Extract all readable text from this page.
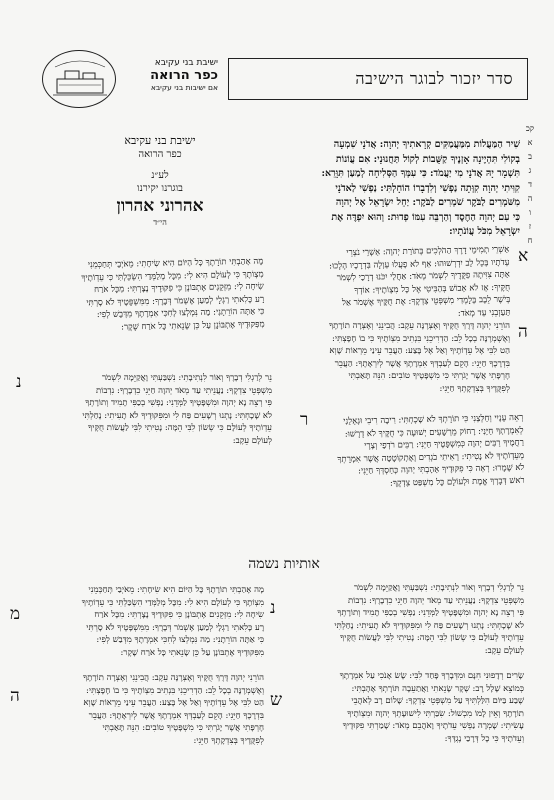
סדר יזכור לבוגר הישיבה
ישיבת בני עקיבא
כפר הרואה
אם ישיבות בני עקיבא
ישיבת בני עקיבא
כפר הרואה
לע״נ
בוגרנו יקירנו
אהרוני אהרון
הי״ד
קכ
א
ב
ג
ד
ה
ו
ז
ח
שִׁיר הַמַּעֲלוֹת מִמַּעֲמַקִּים קְרָאתִיךָ יְהוָה: אֲדֹנָי שִׁמְעָה
בְקוֹלִי תִּהְיֶינָה אָזְנֶיךָ קַשֻּׁבוֹת לְקוֹל תַּחֲנוּנָי: אִם עֲוֹנוֹת
תִּשְׁמָר יָהּ אֲדֹנָי מִי יַעֲמֹד: כִּי עִמְּךָ הַסְּלִיחָה לְמַעַן תִּוָּרֵא:
קִוִּיתִי יְהוָה קִוְּתָה נַפְשִׁי וְלִדְבָרוֹ הוֹחָלְתִּי: נַפְשִׁי לַאדֹנָי
מִשֹּׁמְרִים לַבֹּקֶר שֹׁמְרִים לַבֹּקֶר: יַחֵל יִשְׂרָאֵל אֶל יְהוָה
כִּי עִם יְהוָה הַחֶסֶד וְהַרְבֵּה עִמּוֹ פְדוּת: וְהוּא יִפְדֶּה אֶת
יִשְׂרָאֵל מִכֹּל עֲוֹנֹתָיו:
א
אַשְׁרֵי תְמִימֵי דָרֶךְ הַהֹלְכִים בְּתוֹרַת יְהוָה: אַשְׁרֵי נֹצְרֵי
עֵדֹתָיו בְּכָל לֵב יִדְרְשׁוּהוּ: אַף לֹא פָעֲלוּ עַוְלָה בִּדְרָכָיו הָלָכוּ:
אַתָּה צִוִּיתָה פִקֻּדֶיךָ לִשְׁמֹר מְאֹד: אַחֲלַי יִכֹּנוּ דְרָכַי לִשְׁמֹר
חֻקֶּיךָ: אָז לֹא אֵבוֹשׁ בְּהַבִּיטִי אֶל כָּל מִצְוֹתֶיךָ: אוֹדְךָ
בְּיֹשֶׁר לֵבָב בְּלָמְדִי מִשְׁפְּטֵי צִדְקֶךָ: אֶת חֻקֶּיךָ אֶשְׁמֹר אַל
תַּעַזְבֵנִי עַד מְאֹד:
מָה אָהַבְתִּי תוֹרָתֶךָ כָּל הַיּוֹם הִיא שִׂיחָתִי: מֵאֹיְבַי תְּחַכְּמֵנִי
מִצְוֹתֶךָ כִּי לְעוֹלָם הִיא לִי: מִכָּל מְלַמְּדַי הִשְׂכַּלְתִּי כִּי עֵדְוֹתֶיךָ
שִׂיחָה לִי: מִזְּקֵנִים אֶתְבּוֹנָן כִּי פִקּוּדֶיךָ נָצָרְתִּי: מִכָּל אֹרַח
רָע כָּלִאתִי רַגְלָי לְמַעַן אֶשְׁמֹר דְּבָרֶךָ: מִמִּשְׁפָּטֶיךָ לֹא סָרְתִּי
כִּי אַתָּה הוֹרֵתָנִי: מַה נִּמְלְצוּ לְחִכִּי אִמְרָתֶךָ מִדְּבַשׁ לְפִי:
מִפִּקּוּדֶיךָ אֶתְבּוֹנָן עַל כֵּן שָׂנֵאתִי כָּל אֹרַח שָׁקֶר:	ה
הוֹרֵנִי יְהוָה דֶּרֶךְ חֻקֶּיךָ וְאֶצְּרֶנָּה עֵקֶב: הֲבִינֵנִי וְאֶצְּרָה תוֹרָתֶךָ
וְאֶשְׁמְרֶנָּה בְכָל לֵב: הַדְרִיכֵנִי בִּנְתִיב מִצְוֹתֶיךָ כִּי בוֹ חָפָצְתִּי:
הַט לִבִּי אֶל עֵדְוֹתֶיךָ וְאַל אֶל בָּצַע: הַעֲבֵר עֵינַי מֵרְאוֹת שָׁוְא
בִּדְרָכֶךָ חַיֵּנִי: הָקֵם לְעַבְדְּךָ אִמְרָתֶךָ אֲשֶׁר לְיִרְאָתֶךָ: הַעֲבֵר
חֶרְפָּתִי אֲשֶׁר יָגֹרְתִּי כִּי מִשְׁפָּטֶיךָ טוֹבִים: הִנֵּה תָּאַבְתִּי
לְפִקֻּדֶיךָ בְּצִדְקָתְךָ חַיֵּנִי:
נ	נֵר לְרַגְלִי דְבָרֶךָ וְאוֹר לִנְתִיבָתִי: נִשְׁבַּעְתִּי וָאֲקַיֵּמָה לִשְׁמֹר
מִשְׁפְּטֵי צִדְקֶךָ: נַעֲנֵיתִי עַד מְאֹד יְהוָה חַיֵּנִי כִדְבָרֶךָ: נִדְבוֹת
פִּי רְצֵה נָא יְהוָה וּמִשְׁפָּטֶיךָ לַמְּדֵנִי: נַפְשִׁי בְכַפִּי תָמִיד וְתוֹרָתְךָ
לֹא שָׁכָחְתִּי: נָתְנוּ רְשָׁעִים פַּח לִי וּמִפִּקּוּדֶיךָ לֹא תָעִיתִי: נָחַלְתִּי
עֵדְוֹתֶיךָ לְעוֹלָם כִּי שְׂשׂוֹן לִבִּי הֵמָּה: נָטִיתִי לִבִּי לַעֲשׂוֹת חֻקֶּיךָ
לְעוֹלָם עֵקֶב:
ר	רְאֵה עָנְיִי וְחַלְּצֵנִי כִּי תוֹרָתְךָ לֹא שָׁכָחְתִּי: רִיבָה רִיבִי וּגְאָלֵנִי
לְאִמְרָתְךָ חַיֵּנִי: רָחוֹק מֵרְשָׁעִים יְשׁוּעָה כִּי חֻקֶּיךָ לֹא דָרָשׁוּ:
רַחֲמֶיךָ רַבִּים יְהוָה כְּמִשְׁפָּטֶיךָ חַיֵּנִי: רַבִּים רֹדְפַי וְצָרָי
מֵעֵדְוֹתֶיךָ לֹא נָטִיתִי: רָאִיתִי בֹגְדִים וָאֶתְקוֹטָטָה אֲשֶׁר אִמְרָתְךָ
לֹא שָׁמָרוּ: רְאֵה כִּי פִקּוּדֶיךָ אָהָבְתִּי יְהוָה כְּחַסְדְּךָ חַיֵּנִי:
רֹאשׁ דְּבָרְךָ אֱמֶת וּלְעוֹלָם כָּל מִשְׁפַּט צִדְקֶךָ:
אותיות נשמה
נ
נֵר לְרַגְלִי דְבָרֶךָ וְאוֹר לִנְתִיבָתִי: נִשְׁבַּעְתִּי וָאֲקַיֵּמָה לִשְׁמֹר
מִשְׁפְּטֵי צִדְקֶךָ: נַעֲנֵיתִי עַד מְאֹד יְהוָה חַיֵּנִי כִדְבָרֶךָ: נִדְבוֹת
פִּי רְצֵה נָא יְהוָה וּמִשְׁפָּטֶיךָ לַמְּדֵנִי: נַפְשִׁי בְכַפִּי תָמִיד וְתוֹרָתְךָ
לֹא שָׁכָחְתִּי: נָתְנוּ רְשָׁעִים פַּח לִי וּמִפִּקּוּדֶיךָ לֹא תָעִיתִי: נָחַלְתִּי
עֵדְוֹתֶיךָ לְעוֹלָם כִּי שְׂשׂוֹן לִבִּי הֵמָּה: נָטִיתִי לִבִּי לַעֲשׂוֹת חֻקֶּיךָ
לְעוֹלָם עֵקֶב:
מ
מָה אָהַבְתִּי תוֹרָתֶךָ כָּל הַיּוֹם הִיא שִׂיחָתִי: מֵאֹיְבַי תְּחַכְּמֵנִי
מִצְוֹתֶךָ כִּי לְעוֹלָם הִיא לִי: מִכָּל מְלַמְּדַי הִשְׂכַּלְתִּי כִּי עֵדְוֹתֶיךָ
שִׂיחָה לִי: מִזְּקֵנִים אֶתְבּוֹנָן כִּי פִקּוּדֶיךָ נָצָרְתִּי: מִכָּל אֹרַח
רָע כָּלִאתִי רַגְלָי לְמַעַן אֶשְׁמֹר דְּבָרֶךָ: מִמִּשְׁפָּטֶיךָ לֹא סָרְתִּי
כִּי אַתָּה הוֹרֵתָנִי: מַה נִּמְלְצוּ לְחִכִּי אִמְרָתֶךָ מִדְּבַשׁ לְפִי:
מִפִּקּוּדֶיךָ אֶתְבּוֹנָן עַל כֵּן שָׂנֵאתִי כָּל אֹרַח שָׁקֶר:
ה
הוֹרֵנִי יְהוָה דֶּרֶךְ חֻקֶּיךָ וְאֶצְּרֶנָּה עֵקֶב: הֲבִינֵנִי וְאֶצְּרָה תוֹרָתֶךָ
וְאֶשְׁמְרֶנָּה בְכָל לֵב: הַדְרִיכֵנִי בִּנְתִיב מִצְוֹתֶיךָ כִּי בוֹ חָפָצְתִּי:
הַט לִבִּי אֶל עֵדְוֹתֶיךָ וְאַל אֶל בָּצַע: הַעֲבֵר עֵינַי מֵרְאוֹת שָׁוְא
בִּדְרָכֶךָ חַיֵּנִי: הָקֵם לְעַבְדְּךָ אִמְרָתֶךָ אֲשֶׁר לְיִרְאָתֶךָ: הַעֲבֵר
חֶרְפָּתִי אֲשֶׁר יָגֹרְתִּי כִּי מִשְׁפָּטֶיךָ טוֹבִים: הִנֵּה תָּאַבְתִּי
לְפִקֻּדֶיךָ בְּצִדְקָתְךָ חַיֵּנִי:
ש
שָׂרִים רְדָפוּנִי חִנָּם וּמִדְּבָרְךָ פָּחַד לִבִּי: שָׂשׂ אָנֹכִי עַל אִמְרָתֶךָ
כְּמוֹצֵא שָׁלָל רָב: שֶׁקֶר שָׂנֵאתִי וַאֲתַעֵבָה תּוֹרָתְךָ אָהָבְתִּי:
שֶׁבַע בַּיּוֹם הִלַּלְתִּיךָ עַל מִשְׁפְּטֵי צִדְקֶךָ: שָׁלוֹם רָב לְאֹהֲבֵי
תוֹרָתֶךָ וְאֵין לָמוֹ מִכְשׁוֹל: שִׂבַּרְתִּי לִישׁוּעָתְךָ יְהוָה וּמִצְוֹתֶיךָ
עָשִׂיתִי: שָׁמְרָה נַפְשִׁי עֵדֹתֶיךָ וָאֹהֲבֵם מְאֹד: שָׁמַרְתִּי פִקּוּדֶיךָ
וְעֵדֹתֶיךָ כִּי כָל דְּרָכַי נֶגְדֶּךָ:
